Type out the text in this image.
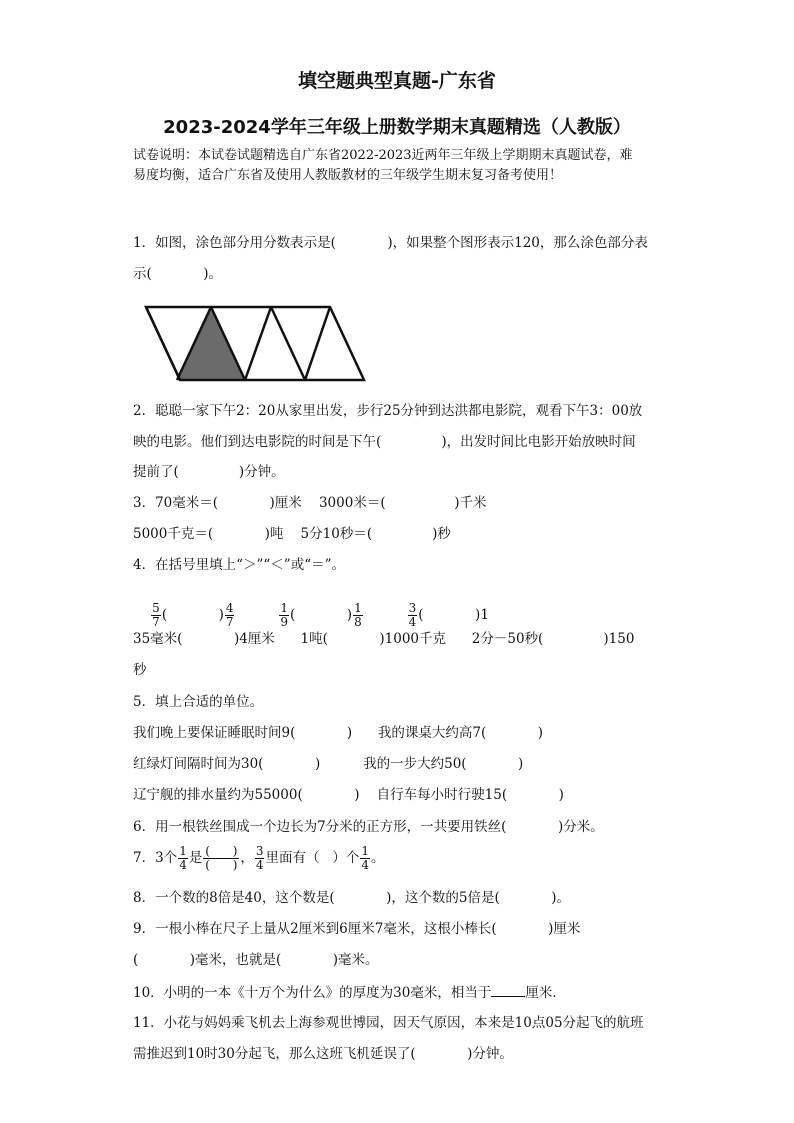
填空题典型真题-广东省
2023-2024学年三年级上册数学期末真题精选（人教版）
试卷说明：本试卷试题精选自广东省2022-2023近两年三年级上学期期末真题试卷，难
易度均衡，适合广东省及使用人教版教材的三年级学生期末复习备考使用！
1．如图，涂色部分用分数表示是(            )，如果整个图形表示120，那么涂色部分表
示(            )。
2．聪聪一家下午2：20从家里出发，步行25分钟到达洪都电影院，观看下午3：00放
映的电影。他们到达电影院的时间是下午(              )，出发时间比电影开始放映时间
提前了(              )分钟。
3．70毫米＝(            )厘米    3000米＝(                )千米
5000千克＝(            )吨    5分10秒＝(              )秒
4．在括号里填上“＞”“＜”或“＝”。

$\frac{5}{7}$ (            ) $\frac{4}{7}$
	$\frac{1}{9}$ (            ) $\frac{1}{8}$
	$\frac{3}{4}$ (            )1

35毫米(            )4厘米      1吨(            )1000千克      2分－50秒(              )150
秒
5．填上合适的单位。
我们晚上要保证睡眠时间9(            )      我的课桌大约高7(            )
红绿灯间隔时间为30(            )          我的一步大约50(            )
辽宁舰的排水量约为55000(            )    自行车每小时行驶15(            )
6．用一根铁丝围成一个边长为7分米的正方形，一共要用铁丝(            )分米。
7．3个 $\frac{1}{4}$ 是 $\frac{( )}{( )}$ ， $\frac{3}{4}$ 里面有（   ）个 $\frac{1}{4}$ 。
8．一个数的8倍是40，这个数是(            )，这个数的5倍是(            )。
9．一根小棒在尺子上量从2厘米到6厘米7毫米，这根小棒长(            )厘米
(            )毫米，也就是(            )毫米。
10．小明的一本《十万个为什么》的厚度为30毫米，相当于	厘米．
11．小花与妈妈乘飞机去上海参观世博园，因天气原因，本来是10点05分起飞的航班
需推迟到10时30分起飞，那么这班飞机延误了(            )分钟。
